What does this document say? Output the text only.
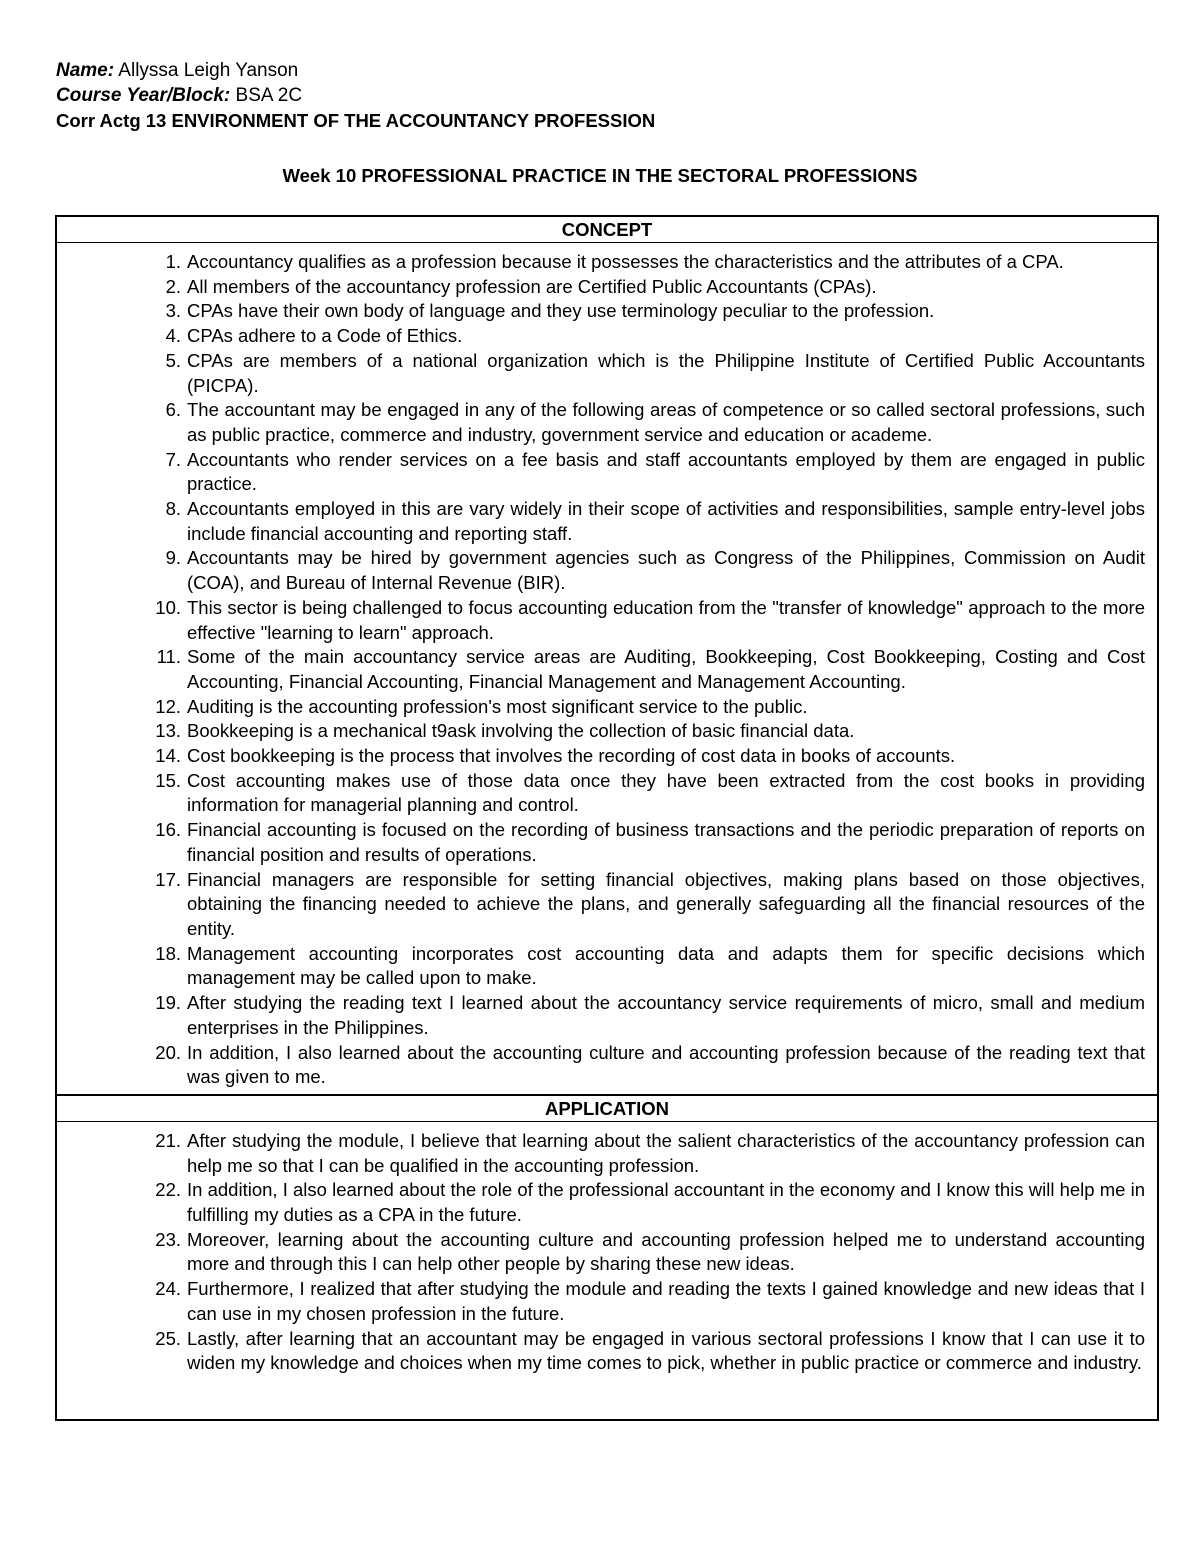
Name: Allyssa Leigh Yanson
Course Year/Block: BSA 2C
Corr Actg 13 ENVIRONMENT OF THE ACCOUNTANCY PROFESSION
Week 10 PROFESSIONAL PRACTICE IN THE SECTORAL PROFESSIONS
CONCEPT
1. Accountancy qualifies as a profession because it possesses the characteristics and the attributes of a CPA.
2. All members of the accountancy profession are Certified Public Accountants (CPAs).
3. CPAs have their own body of language and they use terminology peculiar to the profession.
4. CPAs adhere to a Code of Ethics.
5. CPAs are members of a national organization which is the Philippine Institute of Certified Public Accountants (PICPA).
6. The accountant may be engaged in any of the following areas of competence or so called sectoral professions, such as public practice, commerce and industry, government service and education or academe.
7. Accountants who render services on a fee basis and staff accountants employed by them are engaged in public practice.
8. Accountants employed in this are vary widely in their scope of activities and responsibilities, sample entry-level jobs include financial accounting and reporting staff.
9. Accountants may be hired by government agencies such as Congress of the Philippines, Commission on Audit (COA), and Bureau of Internal Revenue (BIR).
10. This sector is being challenged to focus accounting education from the "transfer of knowledge" approach to the more effective "learning to learn" approach.
11. Some of the main accountancy service areas are Auditing, Bookkeeping, Cost Bookkeeping, Costing and Cost Accounting, Financial Accounting, Financial Management and Management Accounting.
12. Auditing is the accounting profession's most significant service to the public.
13. Bookkeeping is a mechanical t9ask involving the collection of basic financial data.
14. Cost bookkeeping is the process that involves the recording of cost data in books of accounts.
15. Cost accounting makes use of those data once they have been extracted from the cost books in providing information for managerial planning and control.
16. Financial accounting is focused on the recording of business transactions and the periodic preparation of reports on financial position and results of operations.
17. Financial managers are responsible for setting financial objectives, making plans based on those objectives, obtaining the financing needed to achieve the plans, and generally safeguarding all the financial resources of the entity.
18. Management accounting incorporates cost accounting data and adapts them for specific decisions which management may be called upon to make.
19. After studying the reading text I learned about the accountancy service requirements of micro, small and medium enterprises in the Philippines.
20. In addition, I also learned about the accounting culture and accounting profession because of the reading text that was given to me.
APPLICATION
21. After studying the module, I believe that learning about the salient characteristics of the accountancy profession can help me so that I can be qualified in the accounting profession.
22. In addition, I also learned about the role of the professional accountant in the economy and I know this will help me in fulfilling my duties as a CPA in the future.
23. Moreover, learning about the accounting culture and accounting profession helped me to understand accounting more and through this I can help other people by sharing these new ideas.
24. Furthermore, I realized that after studying the module and reading the texts I gained knowledge and new ideas that I can use in my chosen profession in the future.
25. Lastly, after learning that an accountant may be engaged in various sectoral professions I know that I can use it to widen my knowledge and choices when my time comes to pick, whether in public practice or commerce and industry.
